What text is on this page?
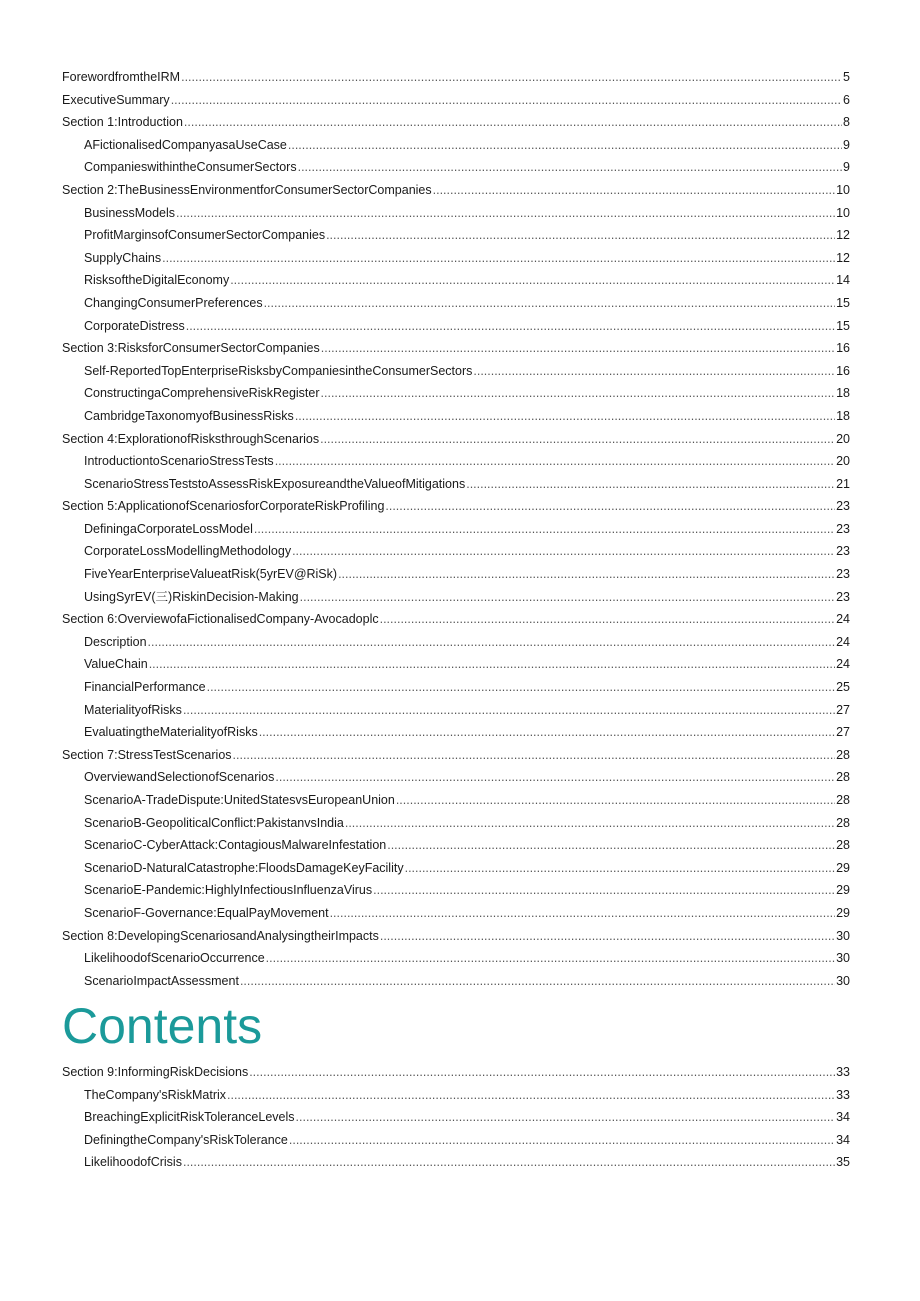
ForewordfromtheIRM .....	5
ExecutiveSummary .....	6
Section 1: Introduction .....	8
AFictionalisedCompanyasaUseCase .....	9
CompanieswithintheConsumerSectors .....	9
Section 2: TheBusinessEnvironmentforConsumerSectorCompanies .....	10
BusinessModels .....	10
ProfitMarginsofConsumerSectorCompanies .....	12
SupplyChains .....	12
RisksoftheDigitalEconomy .....	14
ChangingConsumerPreferences .....	15
CorporateDistress .....	15
Section 3: RisksforConsumerSectorCompanies .....	16
Self-ReportedTopEnterpriseRisksbyCompaniesintheConsumerSectors .....	16
ConstructingaComprehensiveRiskRegister .....	18
CambridgeTaxonomyofBusinessRisks .....	18
Section 4: ExplorationofRisksthroughScenarios .....	20
IntroductiontoScenarioStressTests .....	20
ScenarioStressTeststoAssessRiskExposureandtheValueofMitigations .....	21
Section 5: ApplicationofScenariosforCorporateRiskProfiling .....	23
DefiningaCorporateLossModel .....	23
CorporateLossModellingMethodology .....	23
FiveYearEnterpriseValueatRisk(5yrEV@RiSk) .....	23
UsingSyrEV(三)RiskinDecision-Making .....	23
Section 6: OverviewofaFictionalisedCompany-Avocadoplc .....	24
Description .....	24
ValueChain .....	24
FinancialPerformance .....	25
MaterialityofRisks .....	27
EvaluatingtheMaterialityofRisks .....	27
Section 7: StressTestScenarios .....	28
OverviewandSelectionofScenarios .....	28
ScenarioA-TradeDispute:UnitedStatesvsEuropeanUnion .....	28
ScenarioB-GeopoliticalConflict:PakistanvsIndia .....	28
ScenarioC-CyberAttack:ContagiousMalwareInfestation .....	28
ScenarioD-NaturalCatastrophe:FloodsDamageKeyFacility .....	29
ScenarioE-Pandemic:HighlyInfectiousInfluenzaVirus .....	29
ScenarioF-Governance:EqualPayMovement .....	29
Section 8: DevelopingScenariosandAnalysingtheirImpacts .....	30
LikelihoodofScenarioOccurrence .....	30
ScenarioImpactAssessment .....	30
Contents
Section 9: InformingRiskDecisions .....	33
TheCompany'sRiskMatrix .....	33
BreachingExplicitRiskToleranceLevels .....	34
DefiningtheCompany'sRiskTolerance .....	34
LikelihoodofCrisis .....	35
